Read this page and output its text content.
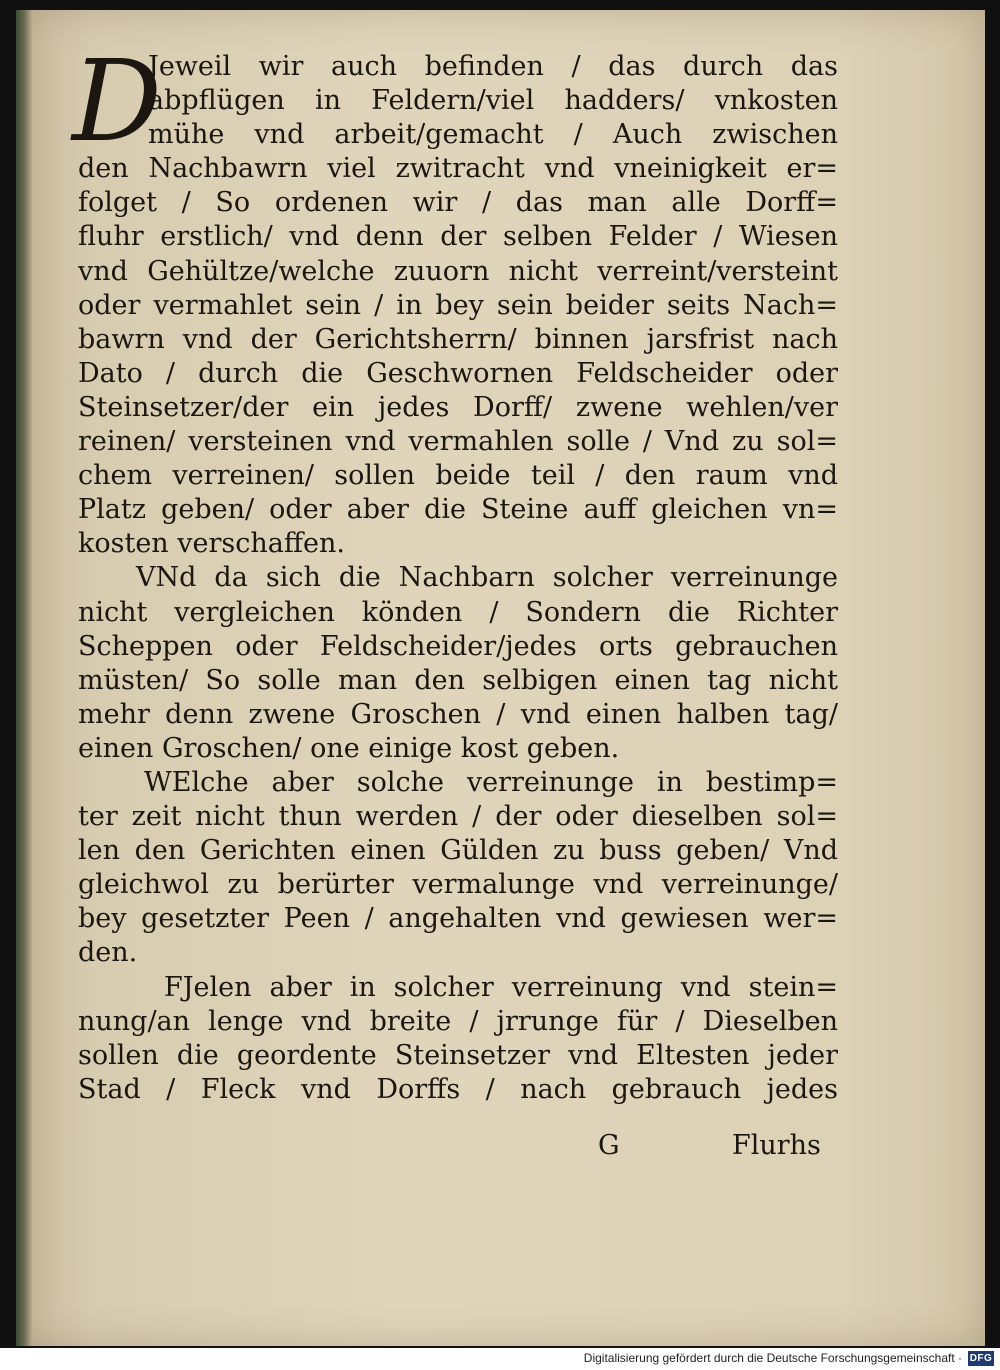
D
Jeweil wir auch befinden / das durch das
abpflügen in Feldern/viel hadders/ vnkosten
mühe vnd arbeit/gemacht / Auch zwischen
den Nachbawrn viel zwitracht vnd vneinigkeit er=
folget / So ordenen wir / das man alle Dorff=
fluhr erstlich/ vnd denn der selben Felder / Wiesen
vnd Gehültze/welche zuuorn nicht verreint/versteint
oder vermahlet sein / in bey sein beider seits Nach=
bawrn vnd der Gerichtsherrn/ binnen jarsfrist nach
Dato / durch die Geschwornen Feldscheider oder
Steinsetzer/der ein jedes Dorff/ zwene wehlen/ver
reinen/ versteinen vnd vermahlen solle / Vnd zu sol=
chem verreinen/ sollen beide teil / den raum vnd
Platz geben/ oder aber die Steine auff gleichen vn=
kosten verschaffen.
VNd da sich die Nachbarn solcher verreinunge
nicht vergleichen könden / Sondern die Richter
Scheppen oder Feldscheider/jedes orts gebrauchen
müsten/ So solle man den selbigen einen tag nicht
mehr denn zwene Groschen / vnd einen halben tag/
einen Groschen/ one einige kost geben.
WElche aber solche verreinunge in bestimp=
ter zeit nicht thun werden / der oder dieselben sol=
len den Gerichten einen Gülden zu buss geben/ Vnd
gleichwol zu berürter vermalunge vnd verreinunge/
bey gesetzter Peen / angehalten vnd gewiesen wer=
den.
FJelen aber in solcher verreinung vnd stein=
nung/an lenge vnd breite / jrrunge für / Dieselben
sollen die geordente Steinsetzer vnd Eltesten jeder
Stad / Fleck vnd Dorffs / nach gebrauch jedes
G	Flurhs
Digitalisierung gefördert durch die Deutsche Forschungsgemeinschaft · DFG
